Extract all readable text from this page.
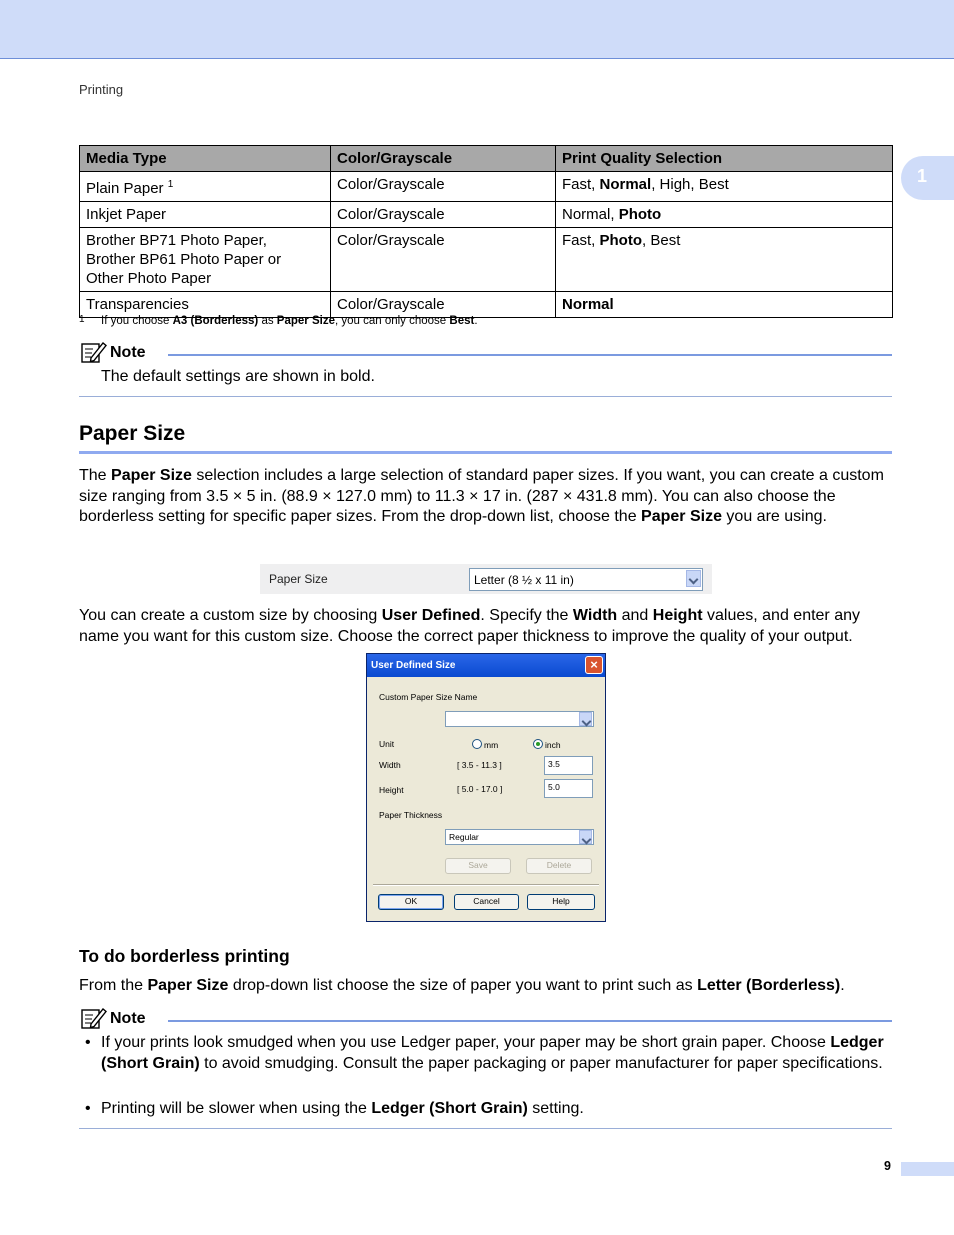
Printing
1
Media Type	Color/Grayscale	Print Quality Selection
Plain Paper $^1$	Color/Grayscale	Fast, Normal, High, Best
Inkjet Paper	Color/Grayscale	Normal, Photo

Brother BP71 Photo Paper,
Brother BP61 Photo Paper or
Other Photo Paper	Color/Grayscale	Fast, Photo, Best
Transparencies	Color/Grayscale	Normal
1 If you choose A3 (Borderless) as Paper Size, you can only choose Best.
Note
The default settings are shown in bold.
Paper Size
The Paper Size selection includes a large selection of standard paper sizes. If you want, you can create a custom size ranging from 3.5 × 5 in. (88.9 × 127.0 mm) to 11.3 × 17 in. (287 × 431.8 mm). You can also choose the borderless setting for specific paper sizes. From the drop-down list, choose the Paper Size you are using.
Paper Size	Letter (8 ½ x 11 in)
You can create a custom size by choosing User Defined. Specify the Width and Height values, and enter any name you want for this custom size. Choose the correct paper thickness to improve the quality of your output.
User Defined Size	×
Custom Paper Size Name
Unit	mm	inch
Width	[ 3.5 - 11.3 ]	3.5
Height	[ 5.0 - 17.0 ]	5.0
Paper Thickness
Regular
Save	Delete
OK	Cancel	Help
To do borderless printing
From the Paper Size drop-down list choose the size of paper you want to print such as Letter (Borderless).
Note
• If your prints look smudged when you use Ledger paper, your paper may be short grain paper. Choose Ledger (Short Grain) to avoid smudging. Consult the paper packaging or paper manufacturer for paper specifications.
• Printing will be slower when using the Ledger (Short Grain) setting.
9
